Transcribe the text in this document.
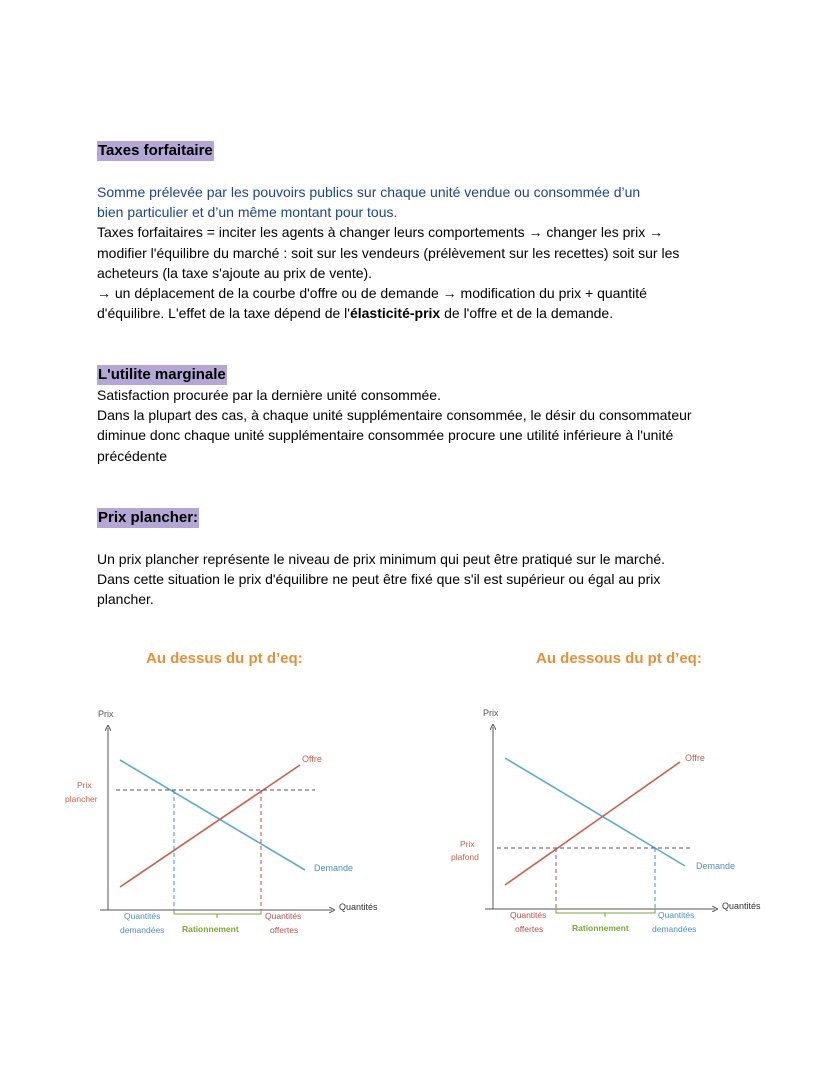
Taxes forfaitaire

Somme prélevée par les pouvoirs publics sur chaque unité vendue ou consommée d’un

bien particulier et d’un même montant pour tous.

Taxes forfaitaires = inciter les agents à changer leurs comportements → changer les prix →

modifier l'équilibre du marché : soit sur les vendeurs (prélèvement sur les recettes) soit sur les

acheteurs (la taxe s'ajoute au prix de vente).

→ un déplacement de la courbe d'offre ou de demande → modification du prix + quantité

d'équilibre. L'effet de la taxe dépend de l'élasticité-prix de l'offre et de la demande.

L'utilite marginale

Satisfaction procurée par la dernière unité consommée.

Dans la plupart des cas, à chaque unité supplémentaire consommée, le désir du consommateur

diminue donc chaque unité supplémentaire consommée procure une utilité inférieure à l'unité

précédente

Prix plancher:

Un prix plancher représente le niveau de prix minimum qui peut être pratiqué sur le marché.

Dans cette situation le prix d'équilibre ne peut être fixé que s'il est supérieur ou égal au prix

plancher.

Au dessus du pt d’eq:	Au dessous du pt d’eq:
Prix
Quantités
Offre
Demande
Prix
plancher
Quantités
demandées Rationnement
Quantités
offertes
Prix
Quantités
Offre
Demande
Prix
plafond
Quantités
offertes	Rationnement
Quantités
demandées
